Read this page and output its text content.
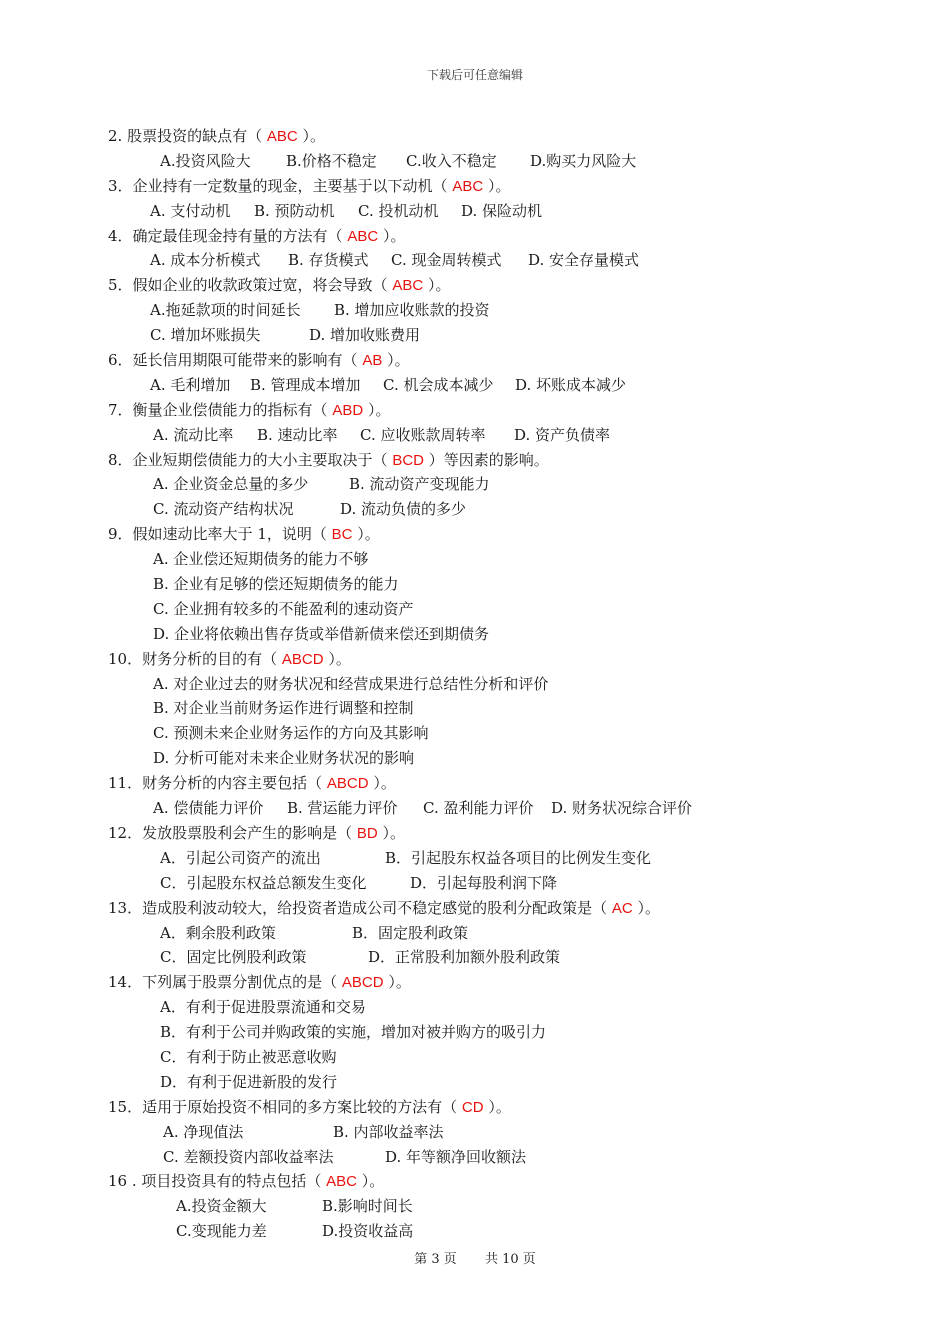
下载后可任意编辑
2. 股票投资的缺点有（ ABC ）。
A.投资风险大 B.价格不稳定 C.收入不稳定 D.购买力风险大
3．企业持有一定数量的现金，主要基于以下动机（ ABC ）。
A. 支付动机 B. 预防动机 C. 投机动机 D. 保险动机
4．确定最佳现金持有量的方法有（ ABC ）。
A. 成本分析模式 B. 存货模式 C. 现金周转模式 D. 安全存量模式
5．假如企业的收款政策过宽，将会导致（ ABC ）。
A.拖延款项的时间延长 B. 增加应收账款的投资
C. 增加坏账损失	D. 增加收账费用
6．延长信用期限可能带来的影响有（ AB ）。
A. 毛利增加 B. 管理成本增加 C. 机会成本减少 D. 坏账成本减少
7．衡量企业偿债能力的指标有（ ABD ）。
A. 流动比率 B. 速动比率 C. 应收账款周转率 D. 资产负债率
8．企业短期偿债能力的大小主要取决于（ BCD ）等因素的影响。
A. 企业资金总量的多少	B. 流动资产变现能力
C. 流动资产结构状况	D. 流动负债的多少
9．假如速动比率大于 1，说明（ BC ）。
A. 企业偿还短期债务的能力不够
B. 企业有足够的偿还短期债务的能力
C. 企业拥有较多的不能盈利的速动资产
D. 企业将依赖出售存货或举借新债来偿还到期债务
10．财务分析的目的有（ ABCD ）。
A. 对企业过去的财务状况和经营成果进行总结性分析和评价
B. 对企业当前财务运作进行调整和控制
C. 预测未来企业财务运作的方向及其影响
D. 分析可能对未来企业财务状况的影响
11．财务分析的内容主要包括（ ABCD ）。
A. 偿债能力评价 B. 营运能力评价 C. 盈利能力评价 D. 财务状况综合评价
12．发放股票股利会产生的影响是（ BD ）。
A．引起公司资产的流出	B．引起股东权益各项目的比例发生变化
C．引起股东权益总额发生变化	D．引起每股利润下降
13．造成股利波动较大，给投资者造成公司不稳定感觉的股利分配政策是（ AC ）。
A．剩余股利政策	B．固定股利政策
C．固定比例股利政策	D．正常股利加额外股利政策
14．下列属于股票分割优点的是（ ABCD ）。
A．有利于促进股票流通和交易
B．有利于公司并购政策的实施，增加对被并购方的吸引力
C．有利于防止被恶意收购
D．有利于促进新股的发行
15．适用于原始投资不相同的多方案比较的方法有（ CD ）。
A. 净现值法	B. 内部收益率法
C. 差额投资内部收益率法	D. 年等额净回收额法
16 . 项目投资具有的特点包括（ ABC ）。
A.投资金额大	B.影响时间长
C.变现能力差	D.投资收益高
第 3 页 共 10 页
